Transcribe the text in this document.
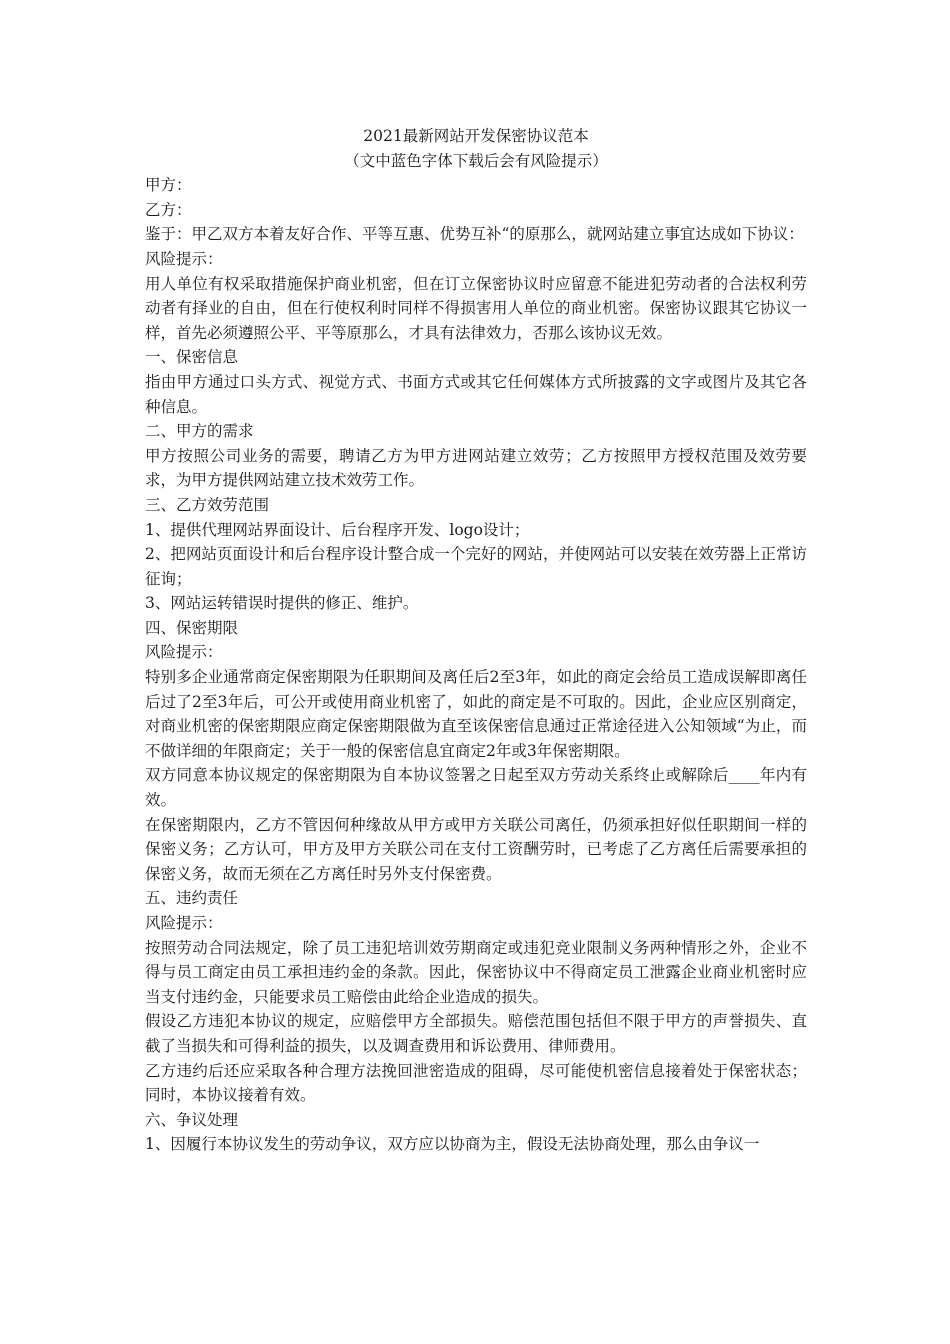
2021最新网站开发保密协议范本

（文中蓝色字体下载后会有风险提示）

甲方：

乙方：

鉴于：甲乙双方本着友好合作、平等互惠、优势互补“的原那么，就网站建立事宜达成如下协议：

风险提示：

用人单位有权采取措施保护商业机密，但在订立保密协议时应留意不能进犯劳动者的合法权利劳动者有择业的自由，但在行使权利时同样不得损害用人单位的商业机密。保密协议跟其它协议一样，首先必须遵照公平、平等原那么，才具有法律效力，否那么该协议无效。

一、保密信息

指由甲方通过口头方式、视觉方式、书面方式或其它任何媒体方式所披露的文字或图片及其它各种信息。

二、甲方的需求

甲方按照公司业务的需要，聘请乙方为甲方进网站建立效劳；乙方按照甲方授权范围及效劳要求，为甲方提供网站建立技术效劳工作。

三、乙方效劳范围

1、提供代理网站界面设计、后台程序开发、logo设计；

2、把网站页面设计和后台程序设计整合成一个完好的网站，并使网站可以安装在效劳器上正常访征询；

3、网站运转错误时提供的修正、维护。

四、保密期限

风险提示：

特别多企业通常商定保密期限为任职期间及离任后2至3年，如此的商定会给员工造成误解即离任后过了2至3年后，可公开或使用商业机密了，如此的商定是不可取的。因此，企业应区别商定，对商业机密的保密期限应商定保密期限做为直至该保密信息通过正常途径进入公知领域“为止，而不做详细的年限商定；关于一般的保密信息宜商定2年或3年保密期限。

双方同意本协议规定的保密期限为自本协议签署之日起至双方劳动关系终止或解除后____年内有效。

在保密期限内，乙方不管因何种缘故从甲方或甲方关联公司离任，仍须承担好似任职期间一样的保密义务；乙方认可，甲方及甲方关联公司在支付工资酬劳时，已考虑了乙方离任后需要承担的保密义务，故而无须在乙方离任时另外支付保密费。

五、违约责任

风险提示：

按照劳动合同法规定，除了员工违犯培训效劳期商定或违犯竞业限制义务两种情形之外，企业不得与员工商定由员工承担违约金的条款。因此，保密协议中不得商定员工泄露企业商业机密时应当支付违约金，只能要求员工赔偿由此给企业造成的损失。

假设乙方违犯本协议的规定，应赔偿甲方全部损失。赔偿范围包括但不限于甲方的声誉损失、直截了当损失和可得利益的损失，以及调查费用和诉讼费用、律师费用。

乙方违约后还应采取各种合理方法挽回泄密造成的阻碍，尽可能使机密信息接着处于保密状态；同时，本协议接着有效。

六、争议处理

1、因履行本协议发生的劳动争议，双方应以协商为主，假设无法协商处理，那么由争议一
